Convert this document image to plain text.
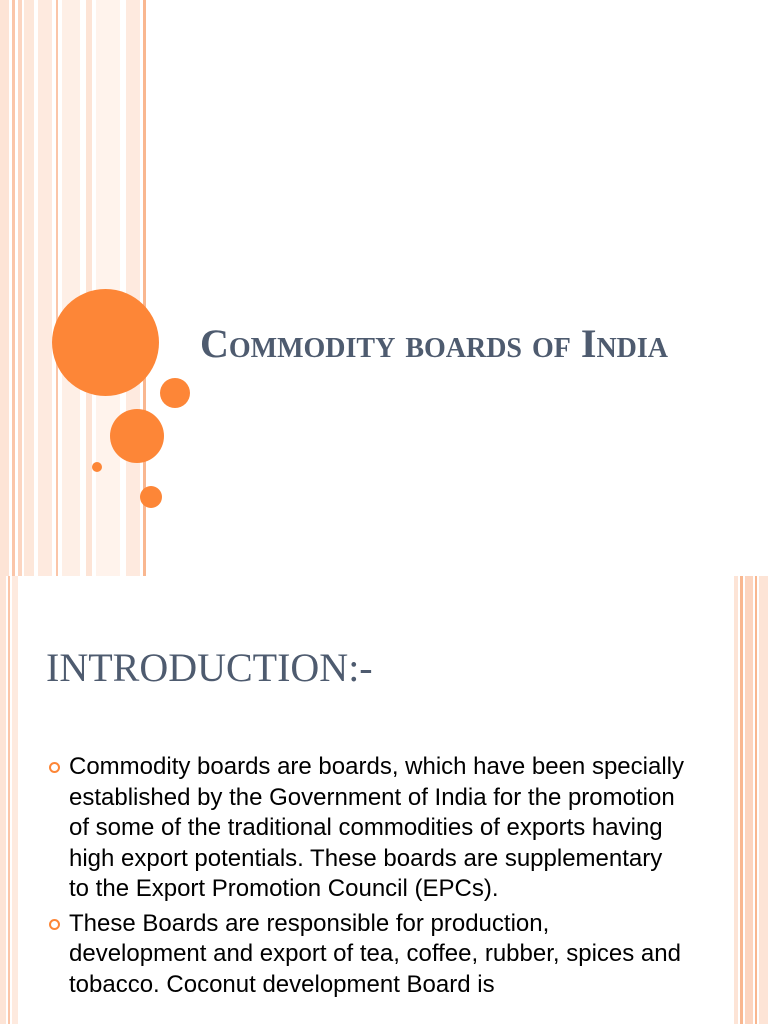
Commodity boards of India
INTRODUCTION:-
Commodity boards are boards, which have been specially established by the Government of India for the promotion of some of the traditional commodities of exports having high export potentials. These boards are supplementary to the Export Promotion Council (EPCs).
These Boards are responsible for production, development and export of tea, coffee, rubber, spices and tobacco. Coconut development Board is
